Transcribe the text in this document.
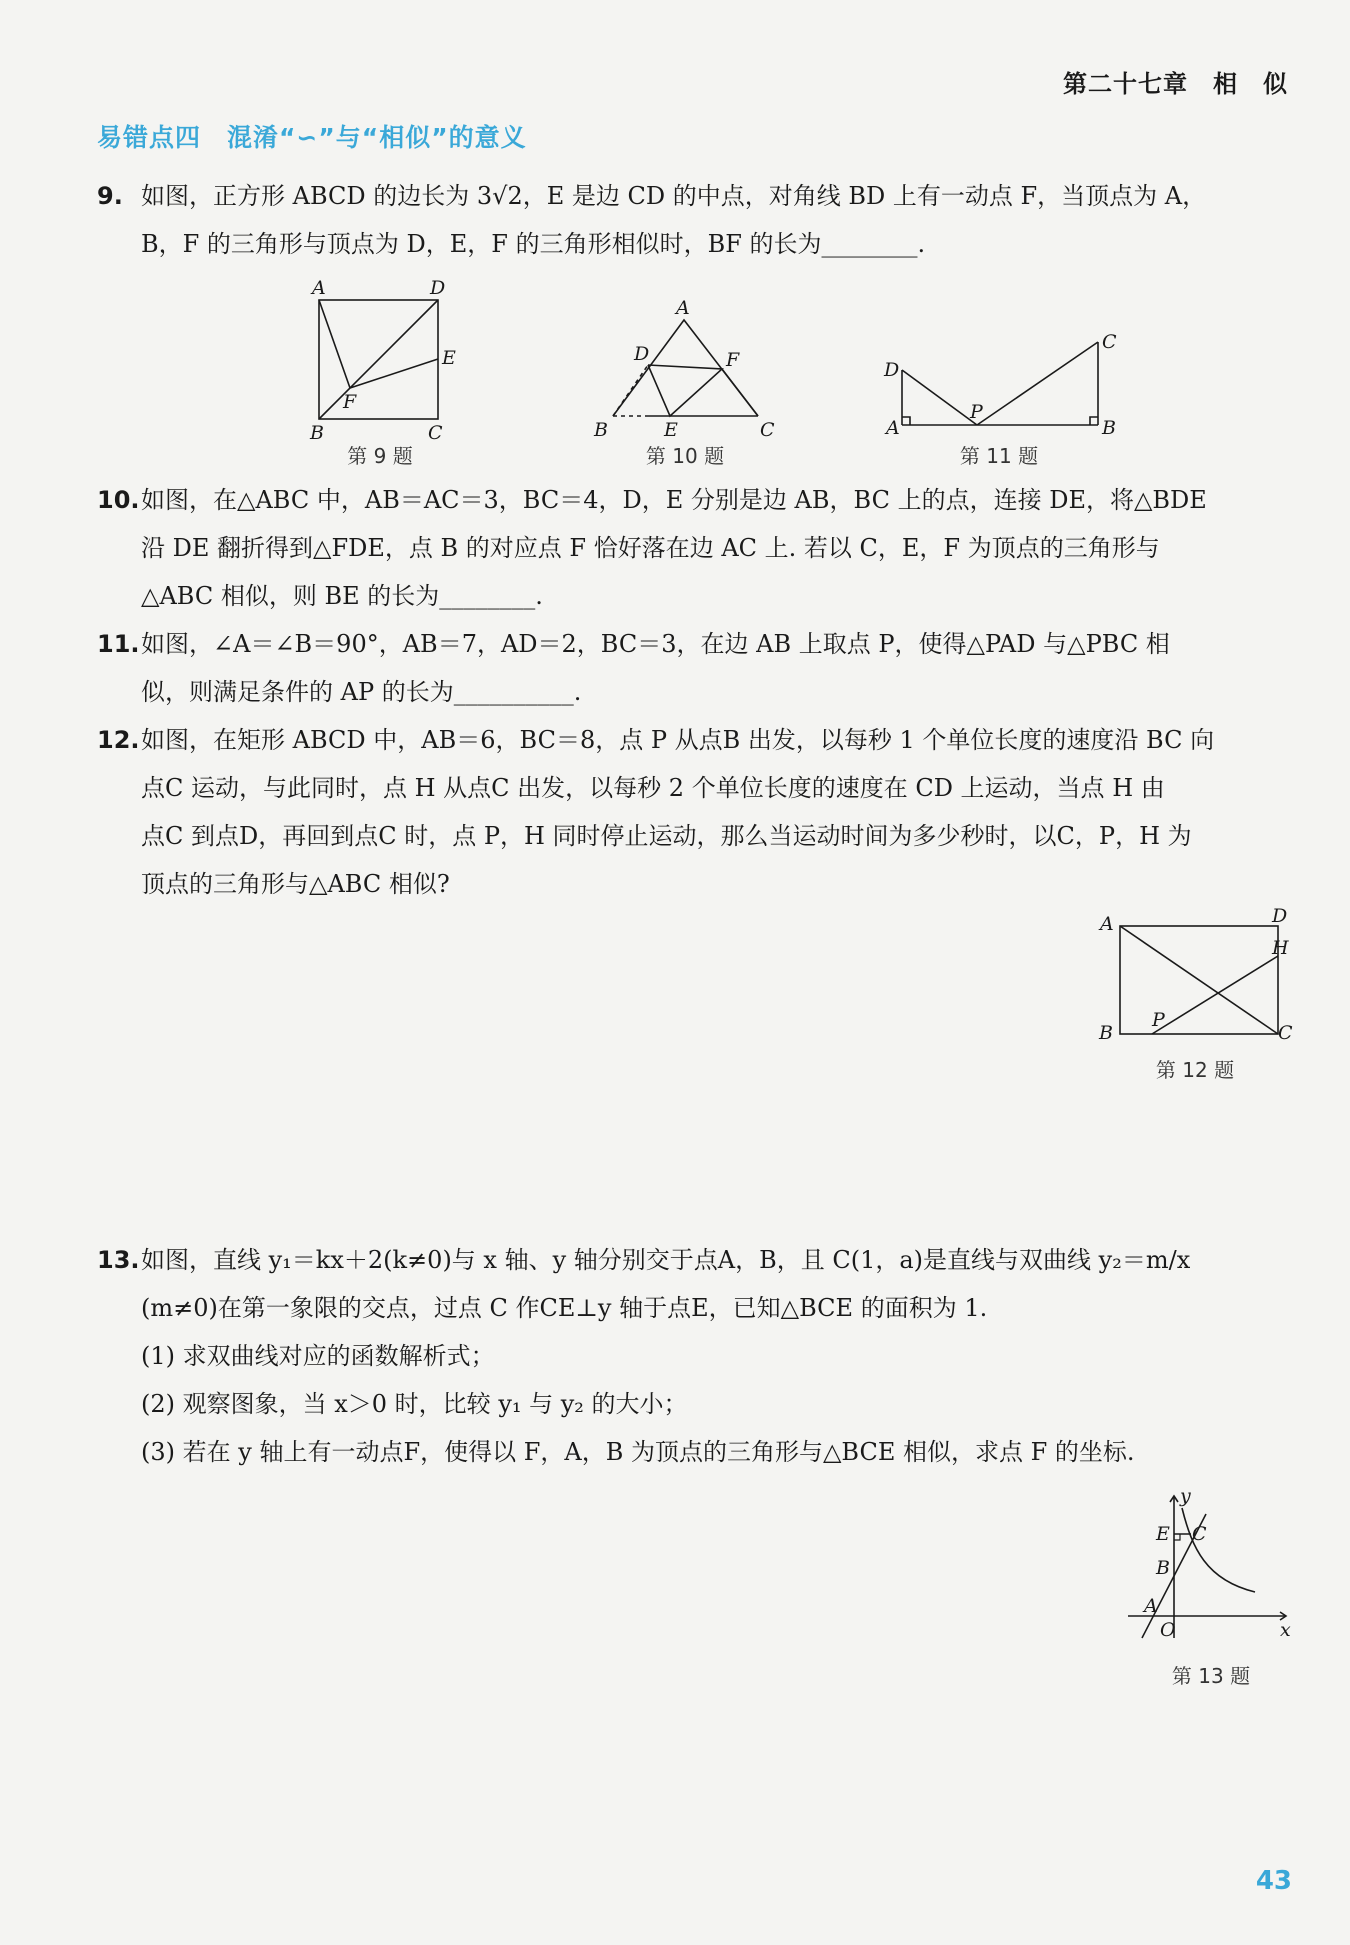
第二十七章　相　似
易错点四　混淆“∽”与“相似”的意义
9. 如图，正方形 ABCD 的边长为 3√2，E 是边 CD 的中点，对角线 BD 上有一动点 F，当顶点为 A，
B，F 的三角形与顶点为 D，E，F 的三角形相似时，BF 的长为________.
A	D
E
F
B	C
第 9 题
A
D	F
B	E	C
第 10 题
D
C
P
A	B
第 11 题
10.如图，在△ABC 中，AB＝AC＝3，BC＝4，D，E 分别是边 AB，BC 上的点，连接 DE，将△BDE
沿 DE 翻折得到△FDE，点 B 的对应点 F 恰好落在边 AC 上. 若以 C，E，F 为顶点的三角形与
△ABC 相似，则 BE 的长为________.
11.如图，∠A＝∠B＝90°，AB＝7，AD＝2，BC＝3，在边 AB 上取点 P，使得△PAD 与△PBC 相
似，则满足条件的 AP 的长为__________.
12.如图，在矩形 ABCD 中，AB＝6，BC＝8，点 P 从点B 出发，以每秒 1 个单位长度的速度沿 BC 向
点C 运动，与此同时，点 H 从点C 出发，以每秒 2 个单位长度的速度在 CD 上运动，当点 H 由
点C 到点D，再回到点C 时，点 P，H 同时停止运动，那么当运动时间为多少秒时，以C，P，H 为
顶点的三角形与△ABC 相似?
A	D
H
P
B	C
第 12 题
13.如图，直线 y₁＝kx＋2(k≠0)与 x 轴、y 轴分别交于点A，B，且 C(1，a)是直线与双曲线 y₂＝m/x
(m≠0)在第一象限的交点，过点 C 作CE⊥y 轴于点E，已知△BCE 的面积为 1.
(1) 求双曲线对应的函数解析式；
(2) 观察图象，当 x＞0 时，比较 y₁ 与 y₂ 的大小；
(3) 若在 y 轴上有一动点F，使得以 F，A，B 为顶点的三角形与△BCE 相似，求点 F 的坐标.
y
E C
B
A
O	x
第 13 题
43
